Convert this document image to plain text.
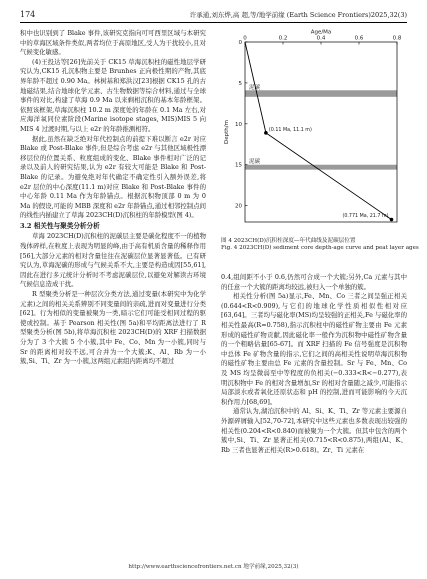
174	许承通,刘东烨,高 超,等/地学前缘 (Earth Science Frontiers)2025,32(3)

积中也识别到了 Blake 事件,该研究克指向可可西里区域与本研究中的草海区域条件类似,两者均位于高原地区,受人为干扰较小,且对气候变化敏感。

(4)王投达等[26]先前关于 CK15 草海沉积柱的磁性地层学研究认为,CK15 孔沉积物主要是 Brunhes 正向极性期的产物,其底界年龄不超过 0.90 Ma。林树基和郑洪汉[23]根据 CK15 孔的古地磁结果,结合地球化学元素、古生物数据等综合材料,通过与全球事件的对比,构建了草海 0.9 Ma 以来剩相沉积的基本年龄框架。依照该框架,草海沉积柱 10.2 m 深度处的年龄在 0.1 Ma 左右,对应海洋氧同位素阶段(Marine isotope stages, MIS)MIS 5 向 MIS 4 过渡时期,与以上 e2r 的年龄推测相符。

据此,虽然在缺乏绝对年代控制点的前提下难以断言 e2r 对应 Blake 或 Post-Blake 事件,但是综合考虑 e2r 与其他区域极性漂移层位的位置关系、粒度组成的变化、Blake 事件相对广泛的记录以及前人的研究结果,认为 e2r 有较大可能是 Blake 和 Post-Blake 的记录。为避免绝对年代确定不确定性引入额外误差,将 e2r 层位的中心深度(11.1 m)对应 Blake 和 Post-Blake 事件的中心年龄 0.11 Ma 作为年龄锚点。根据沉积物顶部 0 m 为 0 Ma 的假设,可能的 MBB 深度和 e2r 年龄锚点,通过相邻控制点间的线性内插建立了草海 2023CH(D)沉积柱的年龄模型(图 4)。

3.2 相关性与聚类分析分析

草海 2023CH(D)沉积柱的泥碳层主要是碳化程度不一的植物残体碎样,在粒度上表现为明显的峰,由于高有机质含量的稀释作用[56],大部分元素的相对含量往往在泥碳层位显著显著低。已有研究认为,草海泥碳的形成与气候关系不大,主要是构造成因[55,61],因此在进行多元统计分析时不考虑泥碳层位,以避免对解读古环境气候信息造成干扰。

R 型聚类分析是一种层次分类方法,通过变量(本研究中为化学元素)之间的相关关系辨别不同变量间的亲疏,进而对变量进行分类[62]。行为相似的变量被聚为一类,暗示它们可能受相同过程的驱使或控制。基于 Pearson 相关性(图 5a)和平均距离法进行了 R 型聚类分析(图 5b),将草海沉积柱 2023CH(D)的 XRF 扫描数据分为了 3 个大簇 5 个小簇,其中 Fe、Co、Mn 为一小簇,同时与 Sr 的距离相对较不远,可合并为一个大簇;K、Al、Rb 为一小簇,Si、Ti、Zr 为一小簇,这两组元素组内距离均不超过

泥碳
泥碳
0	0.2	0.4	0.6	0.8
Age/Ma
0
5
10
15
20
Depth/m	(0.11 Ma, 11.1 m)
(0.771 Ma, 21.7 m)
图 4 2023CH(D)沉积柱深度—年代曲线及泥碳层位置
Fig. 4 2023CH(D) sediment core depth-age curve and peat layer ages

0.4,组间距不小于 0.6,仍然可合成一个大簇;另外,Ca 元素与其中的任意一个大簇的距离均较远,被归入一个单独的簇。

相关性分析(图 5a)显示,Fe、Mn、Co 三者之间呈强正相关(0.644<R<0.909),与它们的地球化学性质相似性相对应[63,64]。三者均与磁化率(MS)均呈较强的正相关,Fe 与磁化率的相关性最高(R=0.758),指示沉积柱中的磁性矿物主要由 Fe 元素形成的磁性矿物贡献,因此磁化率一般作为沉积物中磁性矿物含量的一个粗略估量[65-67]。而 XRF 扫描的 Fe 信号强度是沉积物中总体 Fe 矿物含量的指示,它们之间的高相关性说明草海沉积物的磁性矿物主要由总 Fe 元素的含量控制。Sr 与 Fe、Mn、Co 及 MS 均呈微弱至中等程度的负相关(−0.333<R<−0.277),表明沉积物中 Fe 的相对含量增加,Sr 的相对含量随之减少,可能指示局部淡水或者氧化还原状态和 pH 的控制,进而可能影响的今天沉积作用力[68,69]。

通常认为,湖泊沉积中的 Al、Si、K、Ti、Zr 等元素主要源自外源碎屑输入[52,70-72],本研究中这些元素也多数表现出较强的相关性(0.204<R<0.840)而被聚为一个大簇。但其中包含的两个簇中,Si、Ti、Zr 显著正相关(0.715<R<0.875),两组(Al、K、Rb 三者也显著正相关(R>0.618)。Zr、Ti 元素在

http://www.earthsciencefrontiers.net.cn 地学前缘,2025,32(3)
